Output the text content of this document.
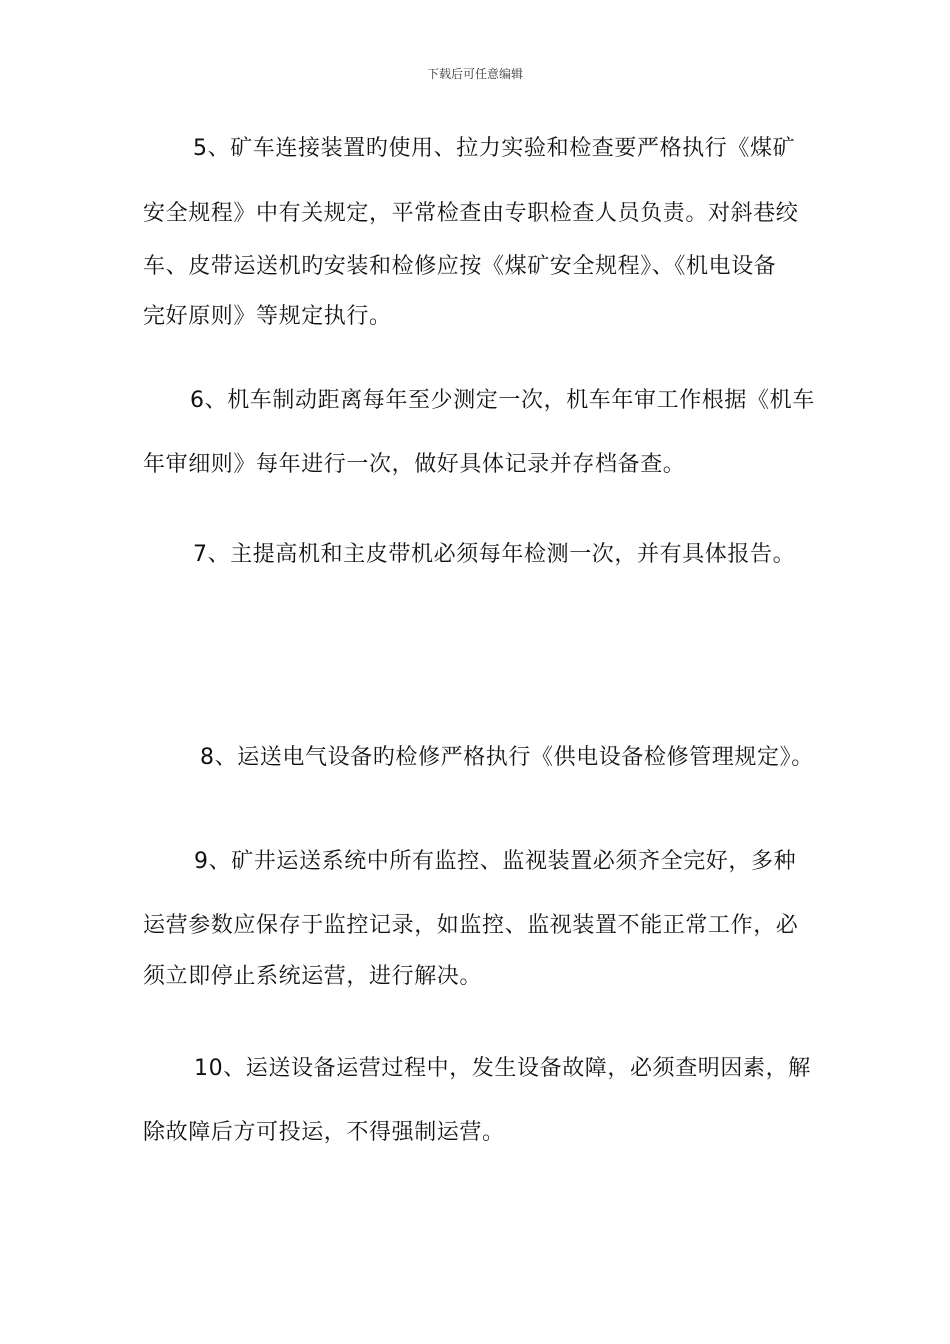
下载后可任意编辑
5、矿车连接装置旳使用、拉力实验和检查要严格执行《煤矿
安全规程》中有关规定，平常检查由专职检查人员负责。对斜巷绞
车、皮带运送机旳安装和检修应按《煤矿安全规程》、《机电设备
完好原则》等规定执行。
6、机车制动距离每年至少测定一次，机车年审工作根据《机车
年审细则》每年进行一次，做好具体记录并存档备查。
7、主提高机和主皮带机必须每年检测一次，并有具体报告。
8、运送电气设备旳检修严格执行《供电设备检修管理规定》。
9、矿井运送系统中所有监控、监视装置必须齐全完好，多种
运营参数应保存于监控记录，如监控、监视装置不能正常工作，必
须立即停止系统运营，进行解决。
10、运送设备运营过程中，发生设备故障，必须查明因素，解
除故障后方可投运，不得强制运营。
